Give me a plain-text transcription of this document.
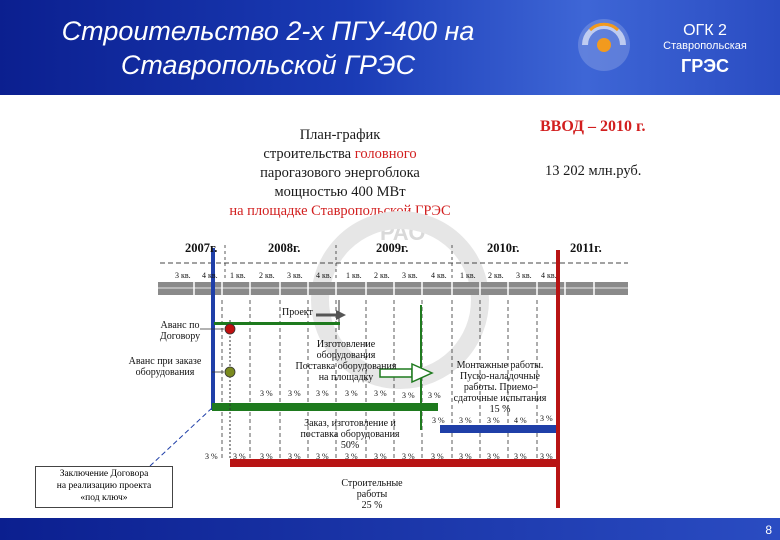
Строительство 2-х ПГУ-400 на
Ставропольской ГРЭС
ОГК 2
Ставропольская
ГРЭС
План-график
строительства головного
парогазового энергоблока
мощностью 400 МВт
на площадке Ставропольской ГРЭС
ВВОД – 2010 г.
13 202 млн.руб.
РАО
2007г.	2008г.	2009г.	2010г.	2011г.
3 кв. 4 кв. 1 кв. 2 кв. 3 кв. 4 кв. 1 кв. 2 кв. 3 кв. 4 кв. 1 кв. 2 кв. 3 кв. 4 кв.
Проект
Аванс по
Договору
Аванс при заказе
оборудования
Изготовление
оборудования
Поставка оборудования
на площадку
Монтажные работы.
Пуско-наладочные
работы. Приемо-
сдаточные испытания
15 %
Заказ, изготовление и
поставка оборудования
50%
Строительные
работы
25 %
3 % 3 % 3 % 3 % 3 % 3 % 3 %
3 % 3 % 3 % 4 % 3 %
3 % 3 % 3 % 3 % 3 % 3 % 3 % 3 % 3 % 3 % 3 % 3 %
3 %
Заключение Договора
на реализацию проекта
«под ключ»
8
